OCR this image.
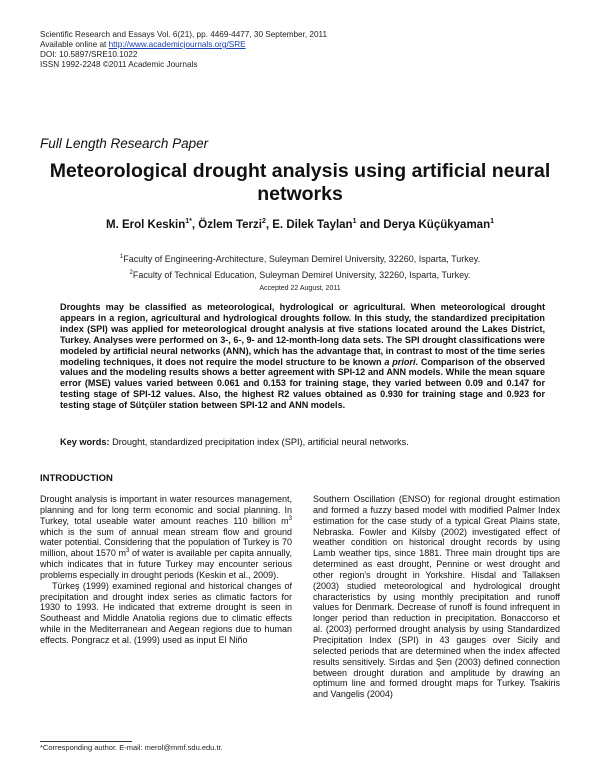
Scientific Research and Essays Vol. 6(21), pp. 4469-4477, 30 September, 2011
Available online at http://www.academicjournals.org/SRE
DOI: 10.5897/SRE10.1022
ISSN 1992-2248 ©2011 Academic Journals
Full Length Research Paper
Meteorological drought analysis using artificial neural networks
M. Erol Keskin$^{1*}$, Özlem Terzi$^2$, E. Dilek Taylan$^1$ and Derya Küçükyaman$^1$
$^1$Faculty of Engineering-Architecture, Suleyman Demirel University, 32260, Isparta, Turkey.
$^2$Faculty of Technical Education, Suleyman Demirel University, 32260, Isparta, Turkey.
Accepted 22 August, 2011
Droughts may be classified as meteorological, hydrological or agricultural. When meteorological drought appears in a region, agricultural and hydrological droughts follow. In this study, the standardized precipitation index (SPI) was applied for meteorological drought analysis at five stations located around the Lakes District, Turkey. Analyses were performed on 3-, 6-, 9- and 12-month-long data sets. The SPI drought classifications were modeled by artificial neural networks (ANN), which has the advantage that, in contrast to most of the time series modeling techniques, it does not require the model structure to be known a priori. Comparison of the observed values and the modeling results shows a better agreement with SPI-12 and ANN models. While the mean square error (MSE) values varied between 0.061 and 0.153 for training stage, they varied between 0.09 and 0.147 for testing stage of SPI-12 values. Also, the highest R2 values obtained as 0.930 for training stage and 0.923 for testing stage of Sütçüler station between SPI-12 and ANN models.
Key words: Drought, standardized precipitation index (SPI), artificial neural networks.
INTRODUCTION

Drought analysis is important in water resources management, planning and for long term economic and social planning. In Turkey, total useable water amount reaches 110 billion $m^3$ which is the sum of annual mean stream flow and ground water potential. Considering that the population of Turkey is 70 million, about 1570 $m^3$ of water is available per capita annually, which indicates that in future Turkey may encounter serious problems especially in drought periods (Keskin et al., 2009).

Türkeş (1999) examined regional and historical changes of precipitation and drought index series as climatic factors for 1930 to 1993. He indicated that extreme drought is seen in Southeast and Middle Anatolia regions due to climatic effects while in the Mediterranean and Aegean regions due to human effects. Pongracz et al. (1999) used as input El Niño

Southern Oscillation (ENSO) for regional drought estimation and formed a fuzzy based model with modified Palmer Index estimation for the case study of a typical Great Plains state, Nebraska. Fowler and Kilsby (2002) investigated effect of weather condition on historical drought records by using Lamb weather tips, since 1881. Three main drought tips are determined as east drought, Pennine or west drought and other region's drought in Yorkshire. Hisdal and Tallaksen (2003) studied meteorological and hydrological drought characteristics by using monthly precipitation and runoff values for Denmark. Decrease of runoff is found infrequent in longer period than reduction in precipitation. Bonaccorso et al. (2003) performed drought analysis by using Standardized Precipitation Index (SPI) in 43 gauges over Sicily and selected periods that are determined when the index affected results sensitively. Sırdas and Şen (2003) defined connection between drought duration and amplitude by drawing an optimum line and formed drought maps for Turkey. Tsakiris and Vangelis (2004)

*Corresponding author. E-mail: merol@mmf.sdu.edu.tr.
